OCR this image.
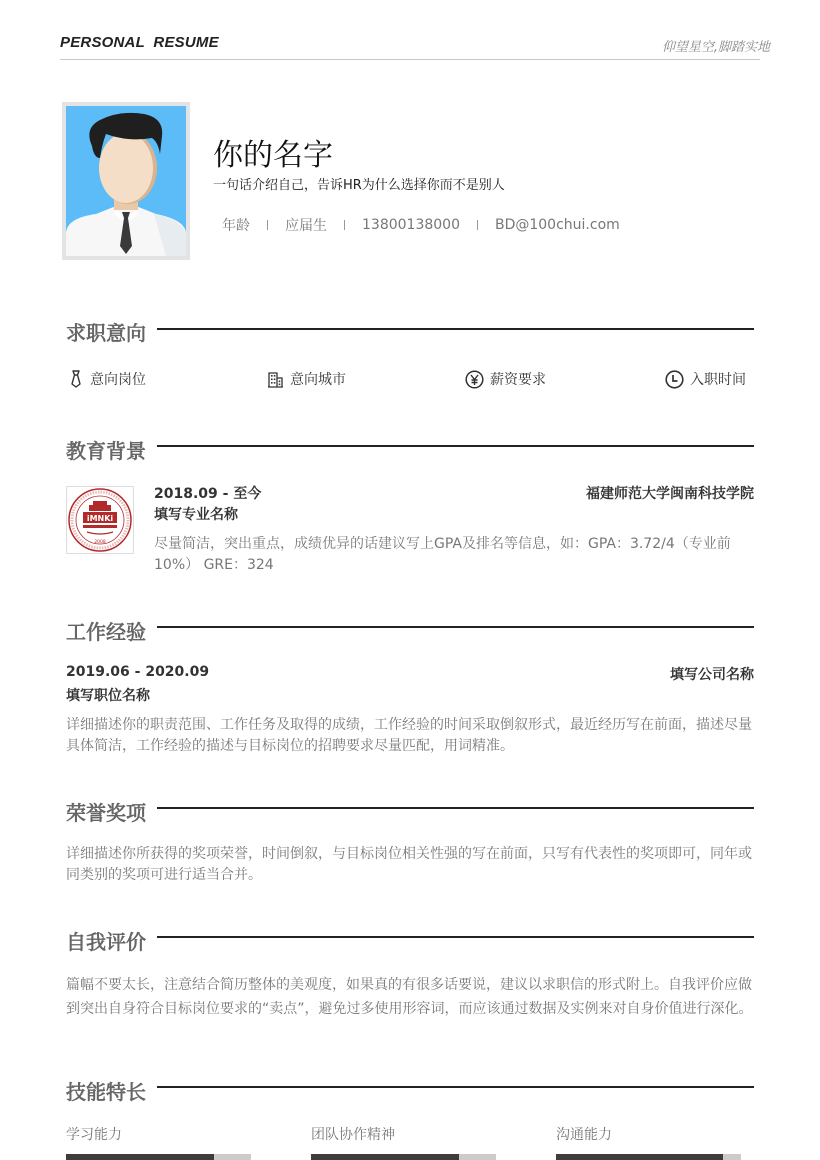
PERSONAL  RESUME	仰望星空,脚踏实地
你的名字
一句话介绍自己，告诉HR为什么选择你而不是别人
年龄	应届生	13800138000	BD@100chui.com
求职意向
意向岗位	意向城市	薪资要求	入职时间
教育背景
iMNKi
2008
2018.09 - 至今	福建师范大学闽南科技学院
填写专业名称
尽量简洁，突出重点，成绩优异的话建议写上GPA及排名等信息，如：GPA：3.72/4（专业前10%） GRE：324
工作经验
2019.06 - 2020.09	填写公司名称
填写职位名称
详细描述你的职责范围、工作任务及取得的成绩，工作经验的时间采取倒叙形式，最近经历写在前面，描述尽量具体简洁，工作经验的描述与目标岗位的招聘要求尽量匹配，用词精准。
荣誉奖项
详细描述你所获得的奖项荣誉，时间倒叙，与目标岗位相关性强的写在前面，只写有代表性的奖项即可，同年或同类别的奖项可进行适当合并。
自我评价
篇幅不要太长，注意结合简历整体的美观度，如果真的有很多话要说，建议以求职信的形式附上。自我评价应做到突出自身符合目标岗位要求的“卖点”，避免过多使用形容词，而应该通过数据及实例来对自身价值进行深化。
技能特长
学习能力	团队协作精神	沟通能力
